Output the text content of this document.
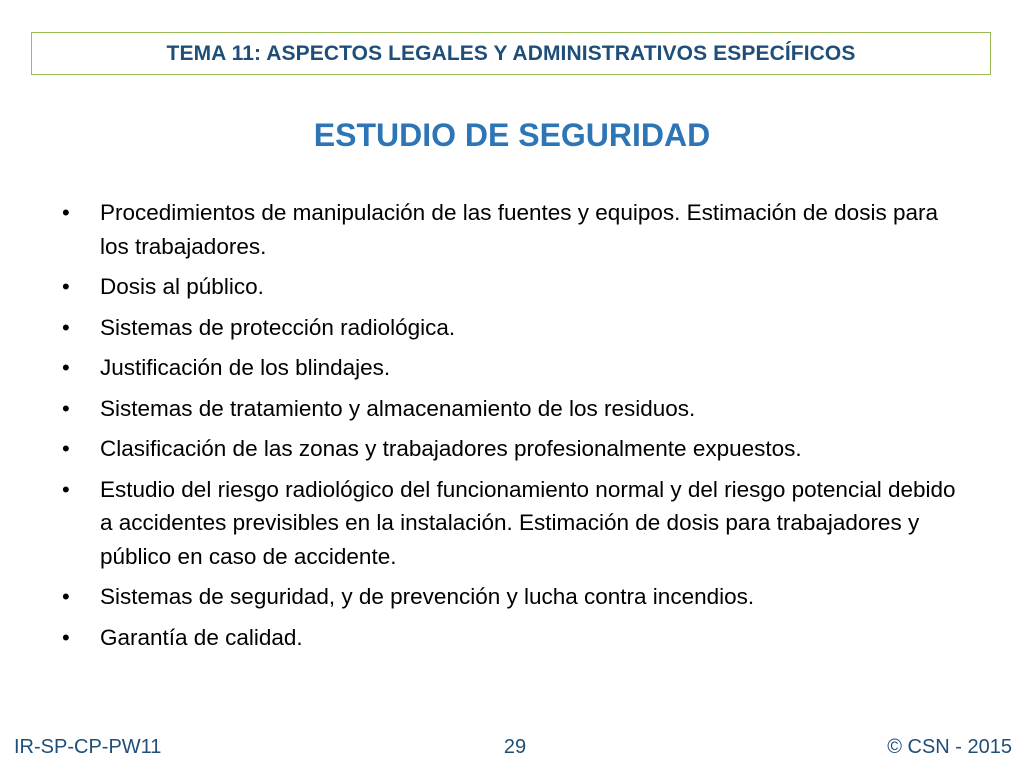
TEMA 11: ASPECTOS LEGALES Y ADMINISTRATIVOS ESPECÍFICOS
ESTUDIO DE SEGURIDAD
•	Procedimientos de manipulación de las fuentes y equipos. Estimación de dosis para los trabajadores.
•	Dosis al público.
•	Sistemas de protección radiológica.
•	Justificación de los blindajes.
•	Sistemas de tratamiento y almacenamiento de los residuos.
•	Clasificación de las zonas y trabajadores profesionalmente expuestos.
•	Estudio del riesgo radiológico del funcionamiento normal y del riesgo potencial debido a accidentes previsibles en la instalación. Estimación de dosis para trabajadores y público en caso de accidente.
•	Sistemas de seguridad, y de prevención y lucha contra incendios.
•	Garantía de calidad.
IR-SP-CP-PW11	29	© CSN - 2015
